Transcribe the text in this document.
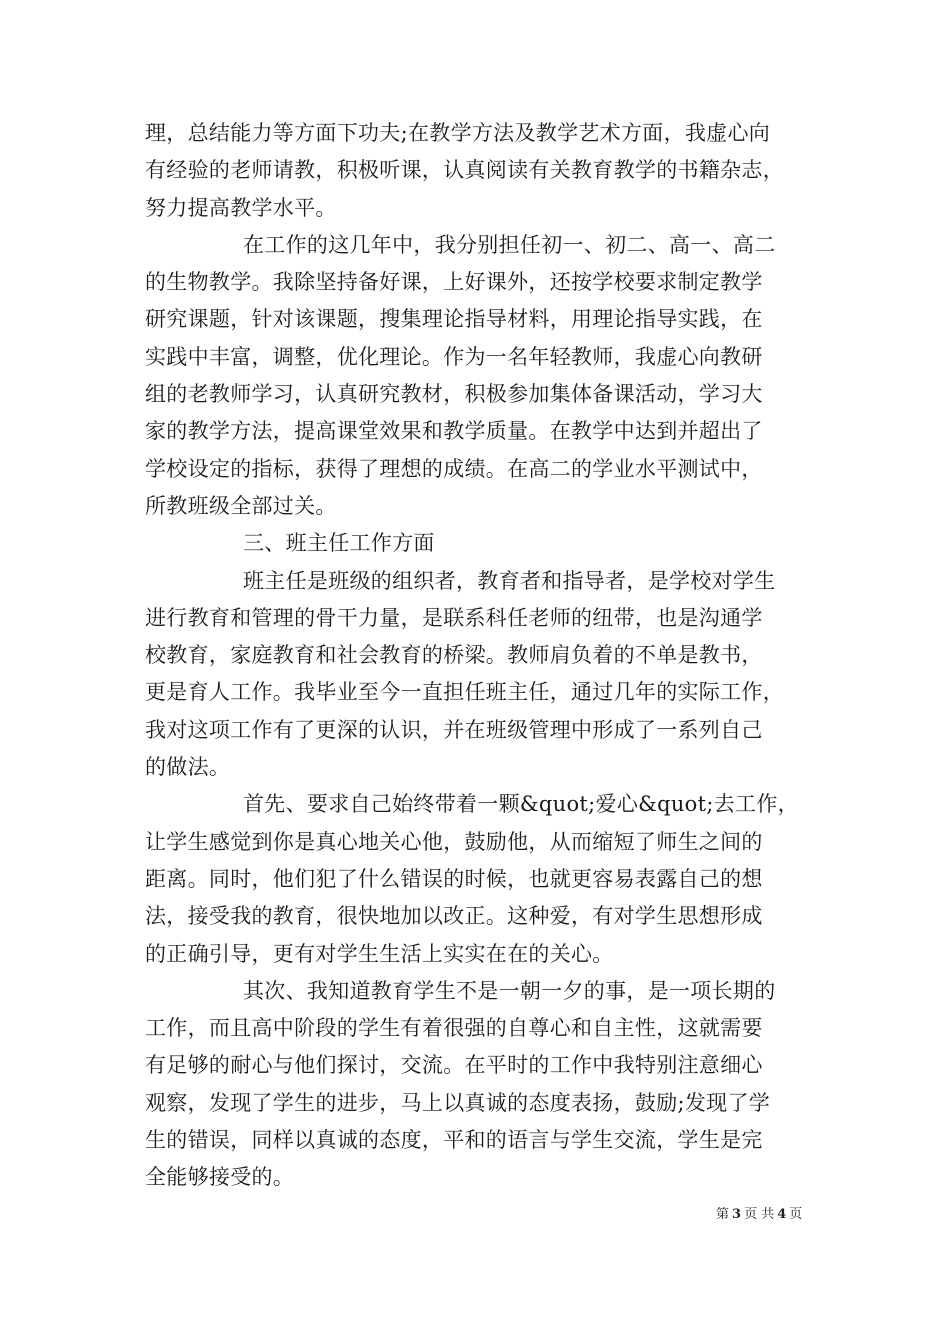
理，总结能力等方面下功夫;在教学方法及教学艺术方面，我虚心向
有经验的老师请教，积极听课，认真阅读有关教育教学的书籍杂志，
努力提高教学水平。
在工作的这几年中，我分别担任初一、初二、高一、高二
的生物教学。我除坚持备好课，上好课外，还按学校要求制定教学
研究课题，针对该课题，搜集理论指导材料，用理论指导实践，在
实践中丰富，调整，优化理论。作为一名年轻教师，我虚心向教研
组的老教师学习，认真研究教材，积极参加集体备课活动，学习大
家的教学方法，提高课堂效果和教学质量。在教学中达到并超出了
学校设定的指标，获得了理想的成绩。在高二的学业水平测试中，
所教班级全部过关。
三、班主任工作方面
班主任是班级的组织者，教育者和指导者，是学校对学生
进行教育和管理的骨干力量，是联系科任老师的纽带，也是沟通学
校教育，家庭教育和社会教育的桥梁。教师肩负着的不单是教书，
更是育人工作。我毕业至今一直担任班主任，通过几年的实际工作，
我对这项工作有了更深的认识，并在班级管理中形成了一系列自己
的做法。
首先、要求自己始终带着一颗&quot;爱心&quot;去工作，
让学生感觉到你是真心地关心他，鼓励他，从而缩短了师生之间的
距离。同时，他们犯了什么错误的时候，也就更容易表露自己的想
法，接受我的教育，很快地加以改正。这种爱，有对学生思想形成
的正确引导，更有对学生生活上实实在在的关心。
其次、我知道教育学生不是一朝一夕的事，是一项长期的
工作，而且高中阶段的学生有着很强的自尊心和自主性，这就需要
有足够的耐心与他们探讨，交流。在平时的工作中我特别注意细心
观察，发现了学生的进步，马上以真诚的态度表扬，鼓励;发现了学
生的错误，同样以真诚的态度，平和的语言与学生交流，学生是完
全能够接受的。
第 3 页 共 4 页
